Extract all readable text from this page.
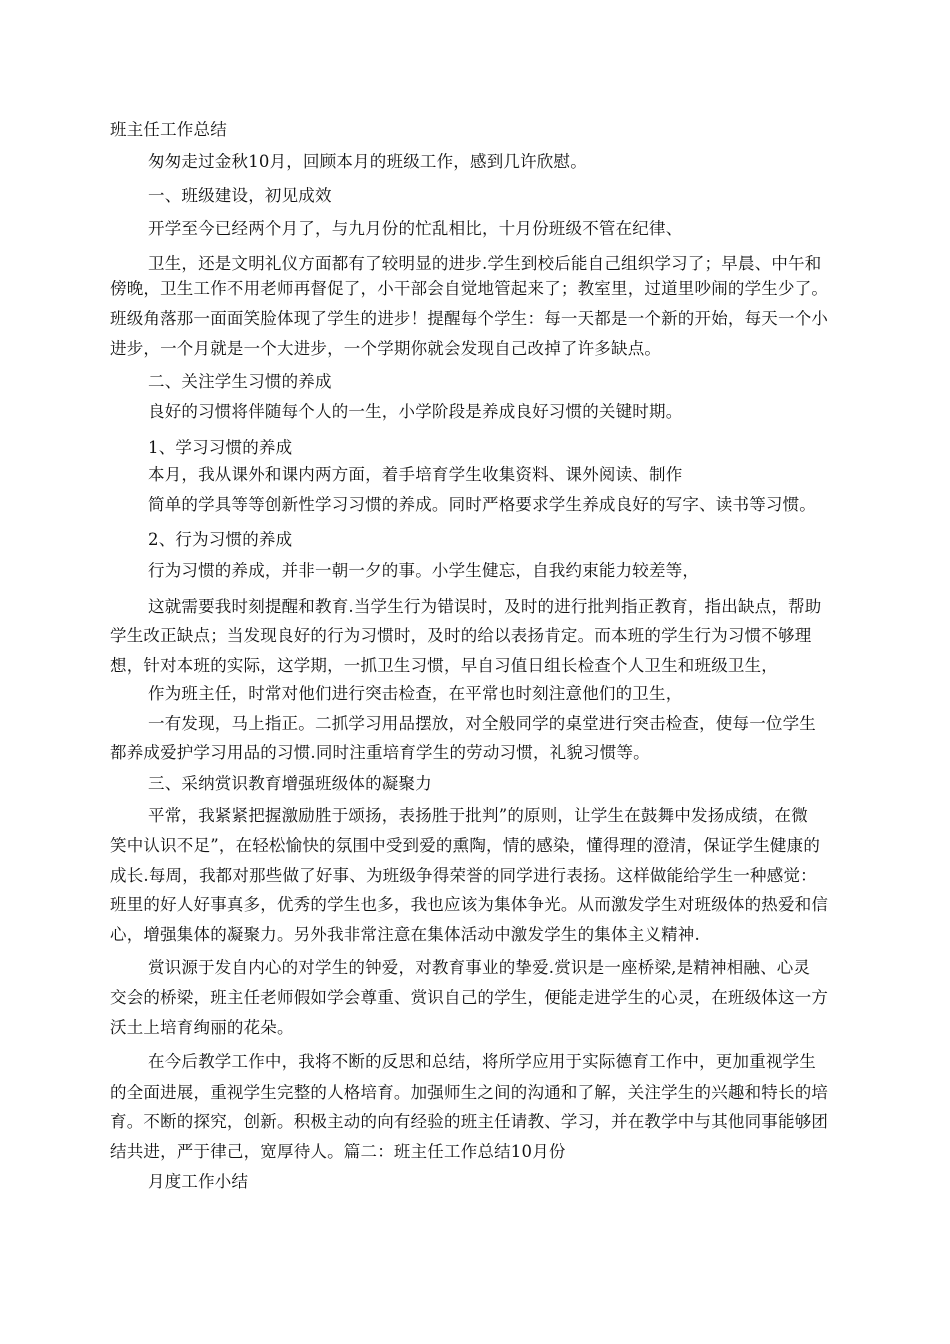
班主任工作总结
匆匆走过金秋10月，回顾本月的班级工作，感到几许欣慰。
一、班级建设，初见成效
开学至今已经两个月了，与九月份的忙乱相比，十月份班级不管在纪律、
卫生，还是文明礼仪方面都有了较明显的进步.学生到校后能自己组织学习了；早晨、中午和
傍晚，卫生工作不用老师再督促了，小干部会自觉地管起来了；教室里，过道里吵闹的学生少了。
班级角落那一面面笑脸体现了学生的进步！提醒每个学生：每一天都是一个新的开始，每天一个小
进步，一个月就是一个大进步，一个学期你就会发现自己改掉了许多缺点。
二、关注学生习惯的养成
良好的习惯将伴随每个人的一生，小学阶段是养成良好习惯的关键时期。
1、学习习惯的养成
本月，我从课外和课内两方面，着手培育学生收集资料、课外阅读、制作
简单的学具等等创新性学习习惯的养成。同时严格要求学生养成良好的写字、读书等习惯。
2、行为习惯的养成
行为习惯的养成，并非一朝一夕的事。小学生健忘，自我约束能力较差等，
这就需要我时刻提醒和教育.当学生行为错误时，及时的进行批判指正教育，指出缺点，帮助
学生改正缺点；当发现良好的行为习惯时，及时的给以表扬肯定。而本班的学生行为习惯不够理
想，针对本班的实际，这学期，一抓卫生习惯，早自习值日组长检查个人卫生和班级卫生，
作为班主任，时常对他们进行突击检查，在平常也时刻注意他们的卫生，
一有发现，马上指正。二抓学习用品摆放，对全般同学的桌堂进行突击检查，使每一位学生
都养成爱护学习用品的习惯.同时注重培育学生的劳动习惯，礼貌习惯等。
三、采纳赏识教育增强班级体的凝聚力
平常，我紧紧把握激励胜于颂扬，表扬胜于批判”的原则，让学生在鼓舞中发扬成绩，在微
笑中认识不足”，在轻松愉快的氛围中受到爱的熏陶，情的感染，懂得理的澄清，保证学生健康的
成长.每周，我都对那些做了好事、为班级争得荣誉的同学进行表扬。这样做能给学生一种感觉：
班里的好人好事真多，优秀的学生也多，我也应该为集体争光。从而激发学生对班级体的热爱和信
心，增强集体的凝聚力。另外我非常注意在集体活动中激发学生的集体主义精神.
赏识源于发自内心的对学生的钟爱，对教育事业的挚爱.赏识是一座桥梁,是精神相融、心灵
交会的桥梁，班主任老师假如学会尊重、赏识自己的学生，便能走进学生的心灵，在班级体这一方
沃土上培育绚丽的花朵。
在今后教学工作中，我将不断的反思和总结，将所学应用于实际德育工作中，更加重视学生
的全面进展，重视学生完整的人格培育。加强师生之间的沟通和了解，关注学生的兴趣和特长的培
育。不断的探究，创新。积极主动的向有经验的班主任请教、学习，并在教学中与其他同事能够团
结共进，严于律己，宽厚待人。篇二：班主任工作总结10月份
月度工作小结
